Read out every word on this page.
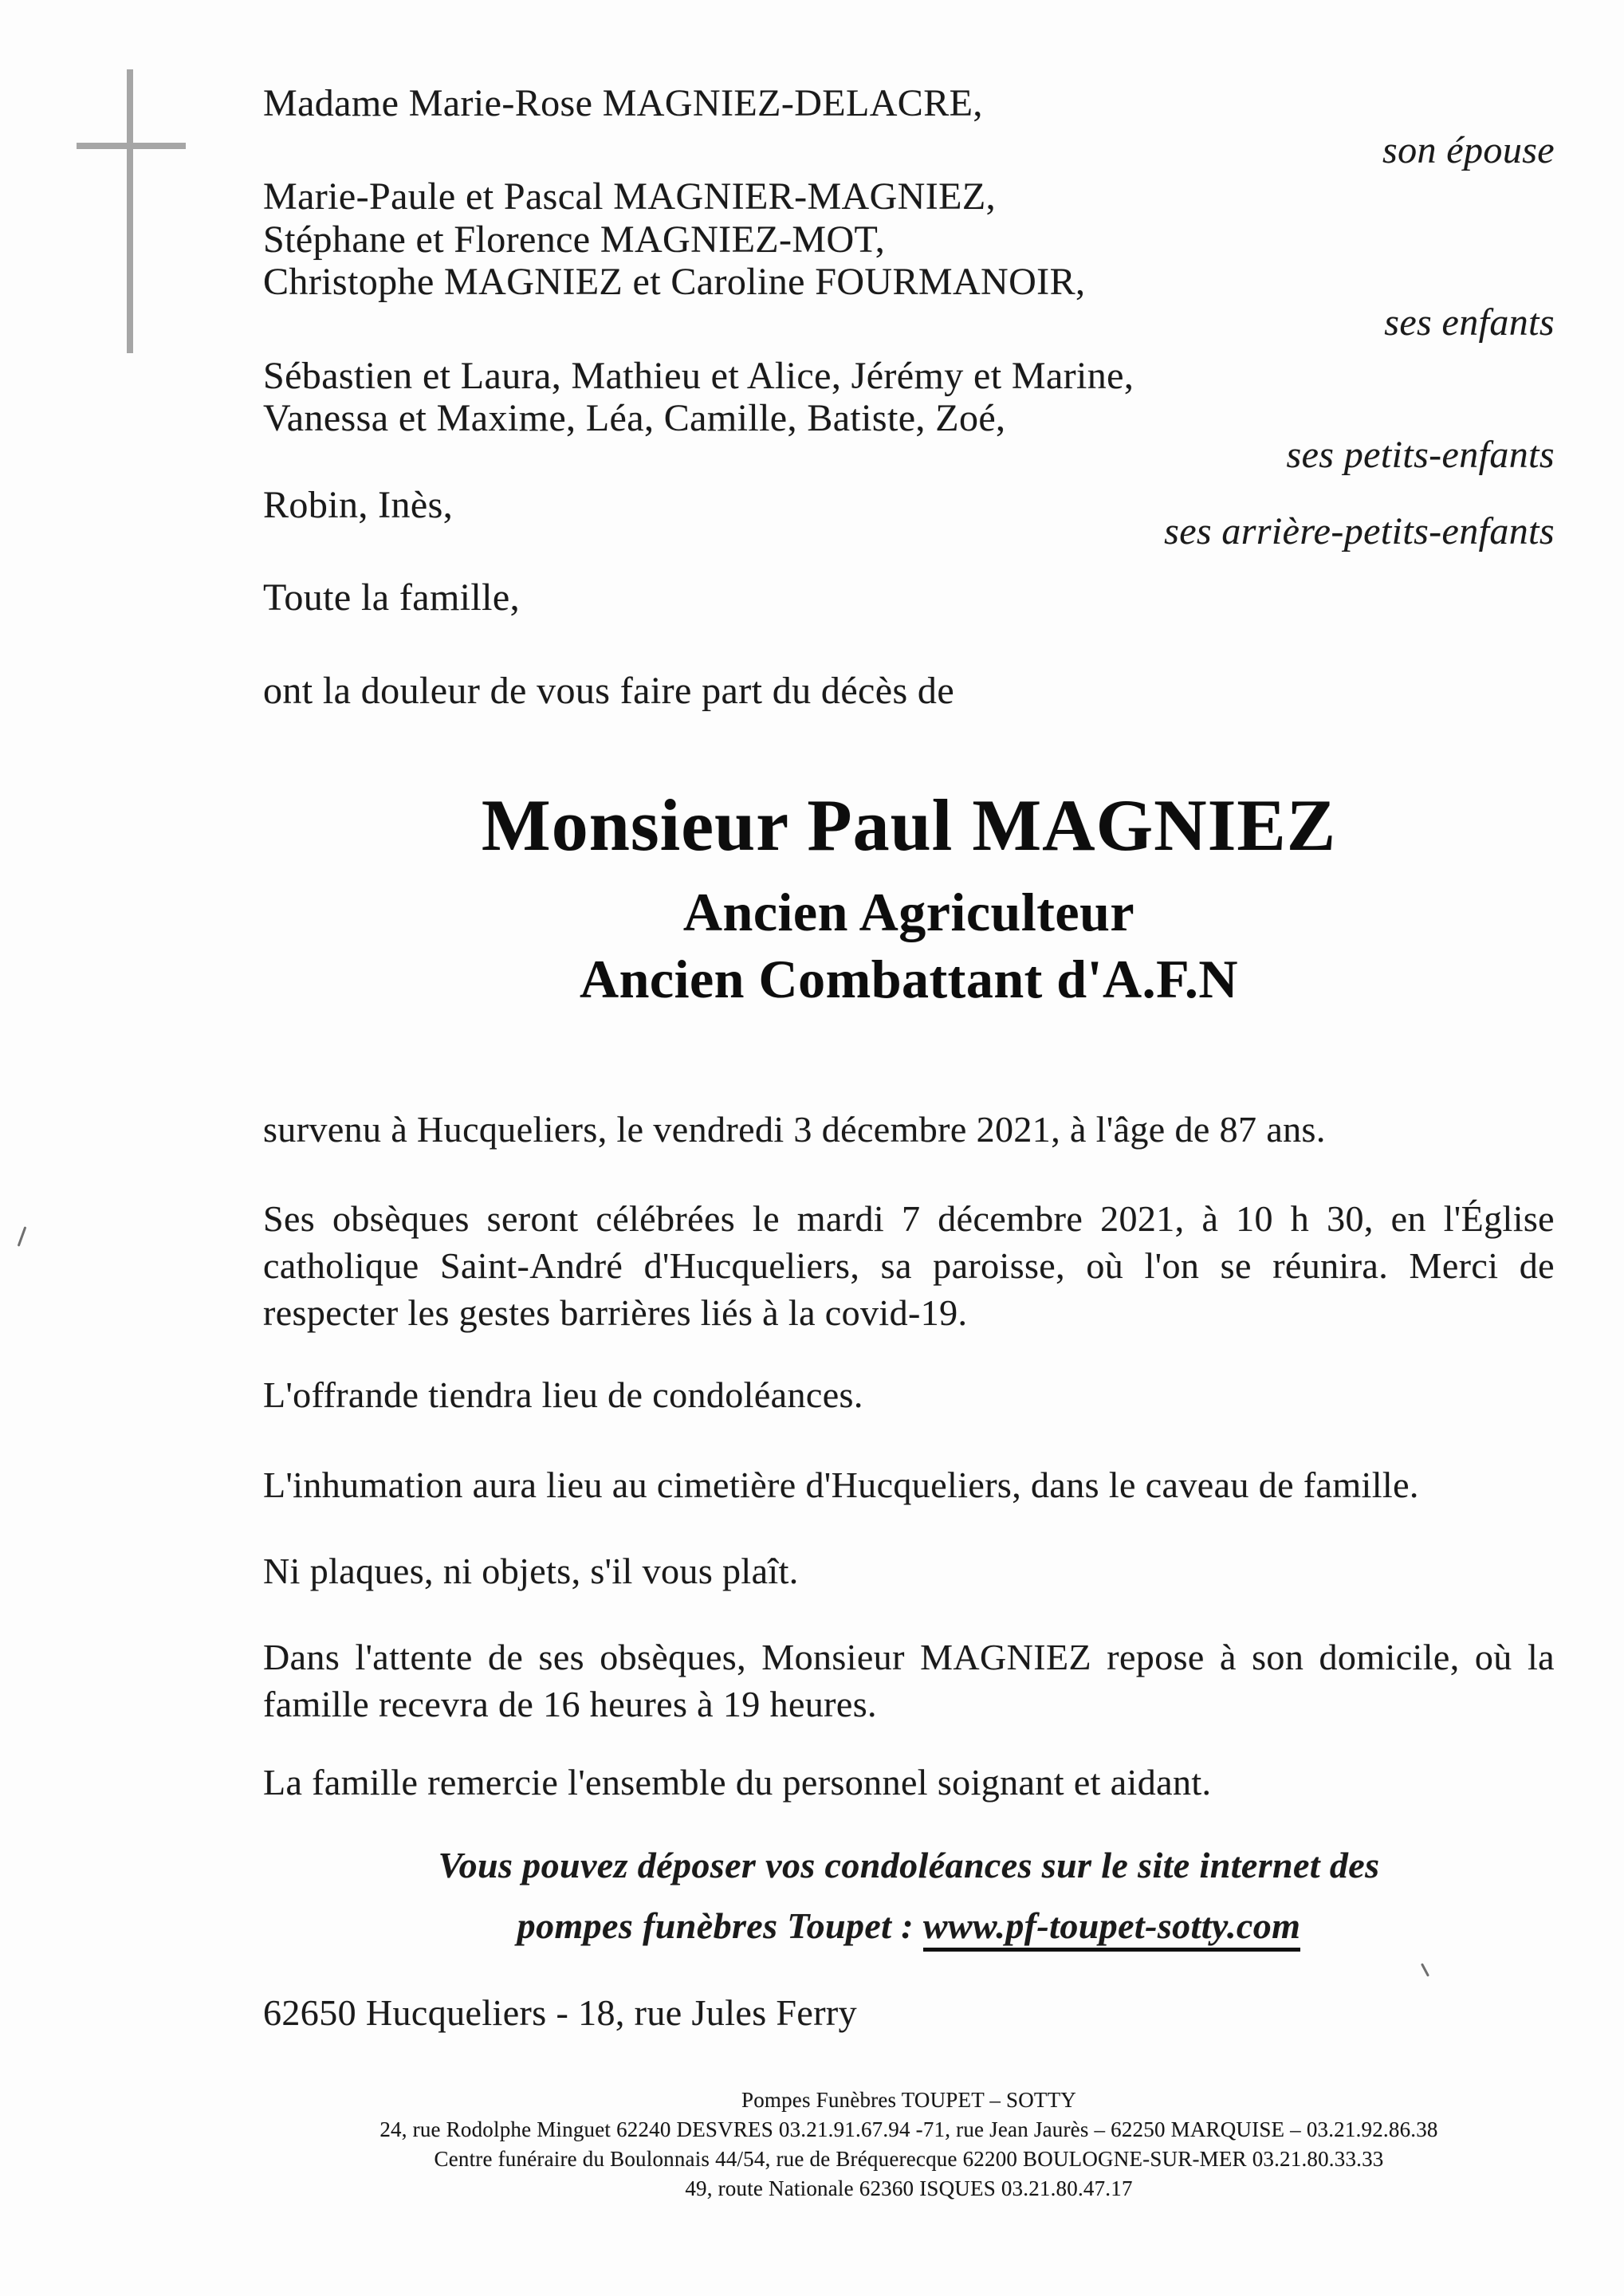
Madame Marie-Rose MAGNIEZ-DELACRE,
son épouse
Marie-Paule et Pascal MAGNIER-MAGNIEZ,
Stéphane et Florence MAGNIEZ-MOT,
Christophe MAGNIEZ et Caroline FOURMANOIR,
ses enfants
Sébastien et Laura, Mathieu et Alice, Jérémy et Marine,
Vanessa et Maxime, Léa, Camille, Batiste, Zoé,
ses petits-enfants
Robin, Inès,
ses arrière-petits-enfants
Toute la famille,
ont la douleur de vous faire part du décès de
Monsieur Paul MAGNIEZ
Ancien Agriculteur
Ancien Combattant d'A.F.N
survenu à Hucqueliers, le vendredi 3 décembre 2021, à l'âge de 87 ans.
Ses obsèques seront célébrées le mardi 7 décembre 2021, à 10 h 30, en l'Église
catholique Saint-André d'Hucqueliers, sa paroisse, où l'on se réunira. Merci de
respecter les gestes barrières liés à la covid-19.
L'offrande tiendra lieu de condoléances.
L'inhumation aura lieu au cimetière d'Hucqueliers, dans le caveau de famille.
Ni plaques, ni objets, s'il vous plaît.
Dans l'attente de ses obsèques, Monsieur MAGNIEZ repose à son domicile, où la
famille recevra de 16 heures à 19 heures.
La famille remercie l'ensemble du personnel soignant et aidant.
Vous pouvez déposer vos condoléances sur le site internet des
pompes funèbres Toupet : www.pf-toupet-sotty.com
62650 Hucqueliers - 18, rue Jules Ferry
Pompes Funèbres TOUPET – SOTTY
24, rue Rodolphe Minguet 62240 DESVRES 03.21.91.67.94 -71, rue Jean Jaurès – 62250 MARQUISE – 03.21.92.86.38
Centre funéraire du Boulonnais 44/54, rue de Bréquerecque 62200 BOULOGNE-SUR-MER 03.21.80.33.33
49, route Nationale 62360 ISQUES 03.21.80.47.17
